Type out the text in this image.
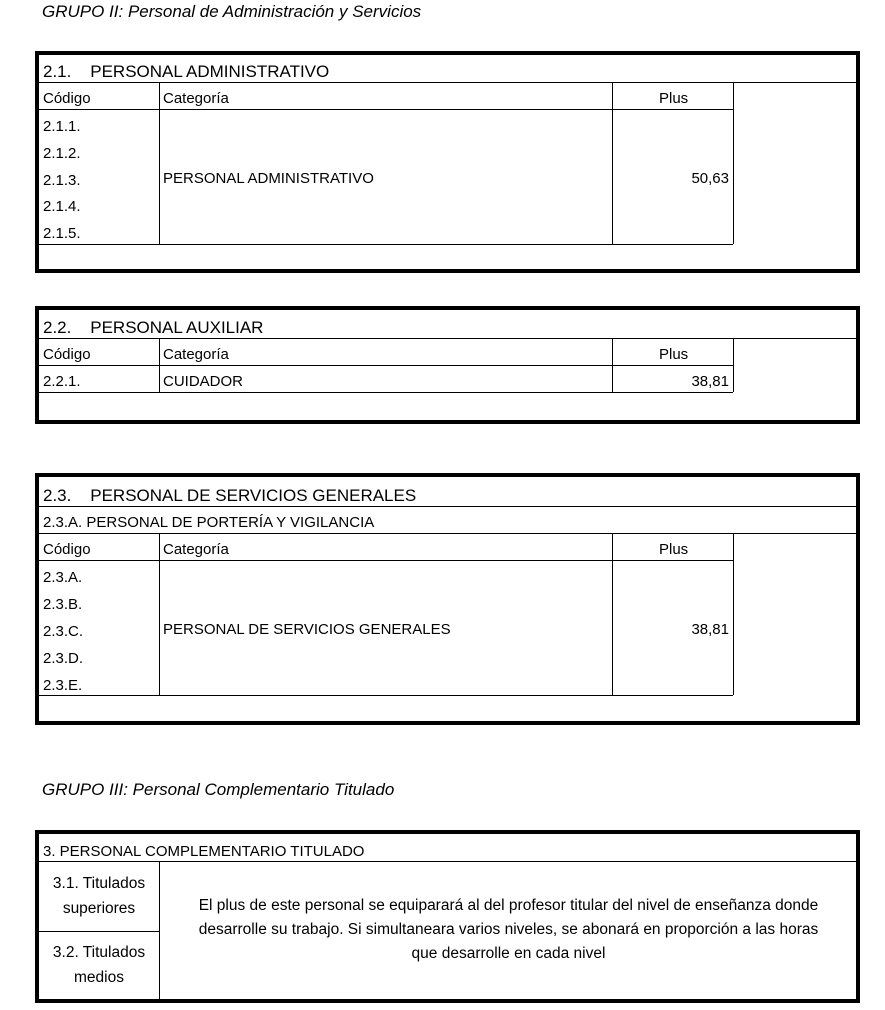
GRUPO II: Personal de Administración y Servicios
2.1.    PERSONAL ADMINISTRATIVO
Código	Categoría	Plus
2.1.1.
2.1.2.
2.1.3.
2.1.4.
2.1.5.
PERSONAL ADMINISTRATIVO	50,63
2.2.    PERSONAL AUXILIAR
Código	Categoría	Plus
2.2.1.	CUIDADOR	38,81
2.3.    PERSONAL DE SERVICIOS GENERALES
2.3.A. PERSONAL DE PORTERÍA Y VIGILANCIA
Código	Categoría	Plus
2.3.A.
2.3.B.
2.3.C.
2.3.D.
2.3.E.
PERSONAL DE SERVICIOS GENERALES	38,81
GRUPO III: Personal Complementario Titulado
3. PERSONAL COMPLEMENTARIO TITULADO
3.1. Titulados
superiores
3.2. Titulados
medios
El plus de este personal se equiparará al del profesor titular del nivel de enseñanza donde
desarrolle su trabajo. Si simultaneara varios niveles, se abonará en proporción a las horas
que desarrolle en cada nivel
